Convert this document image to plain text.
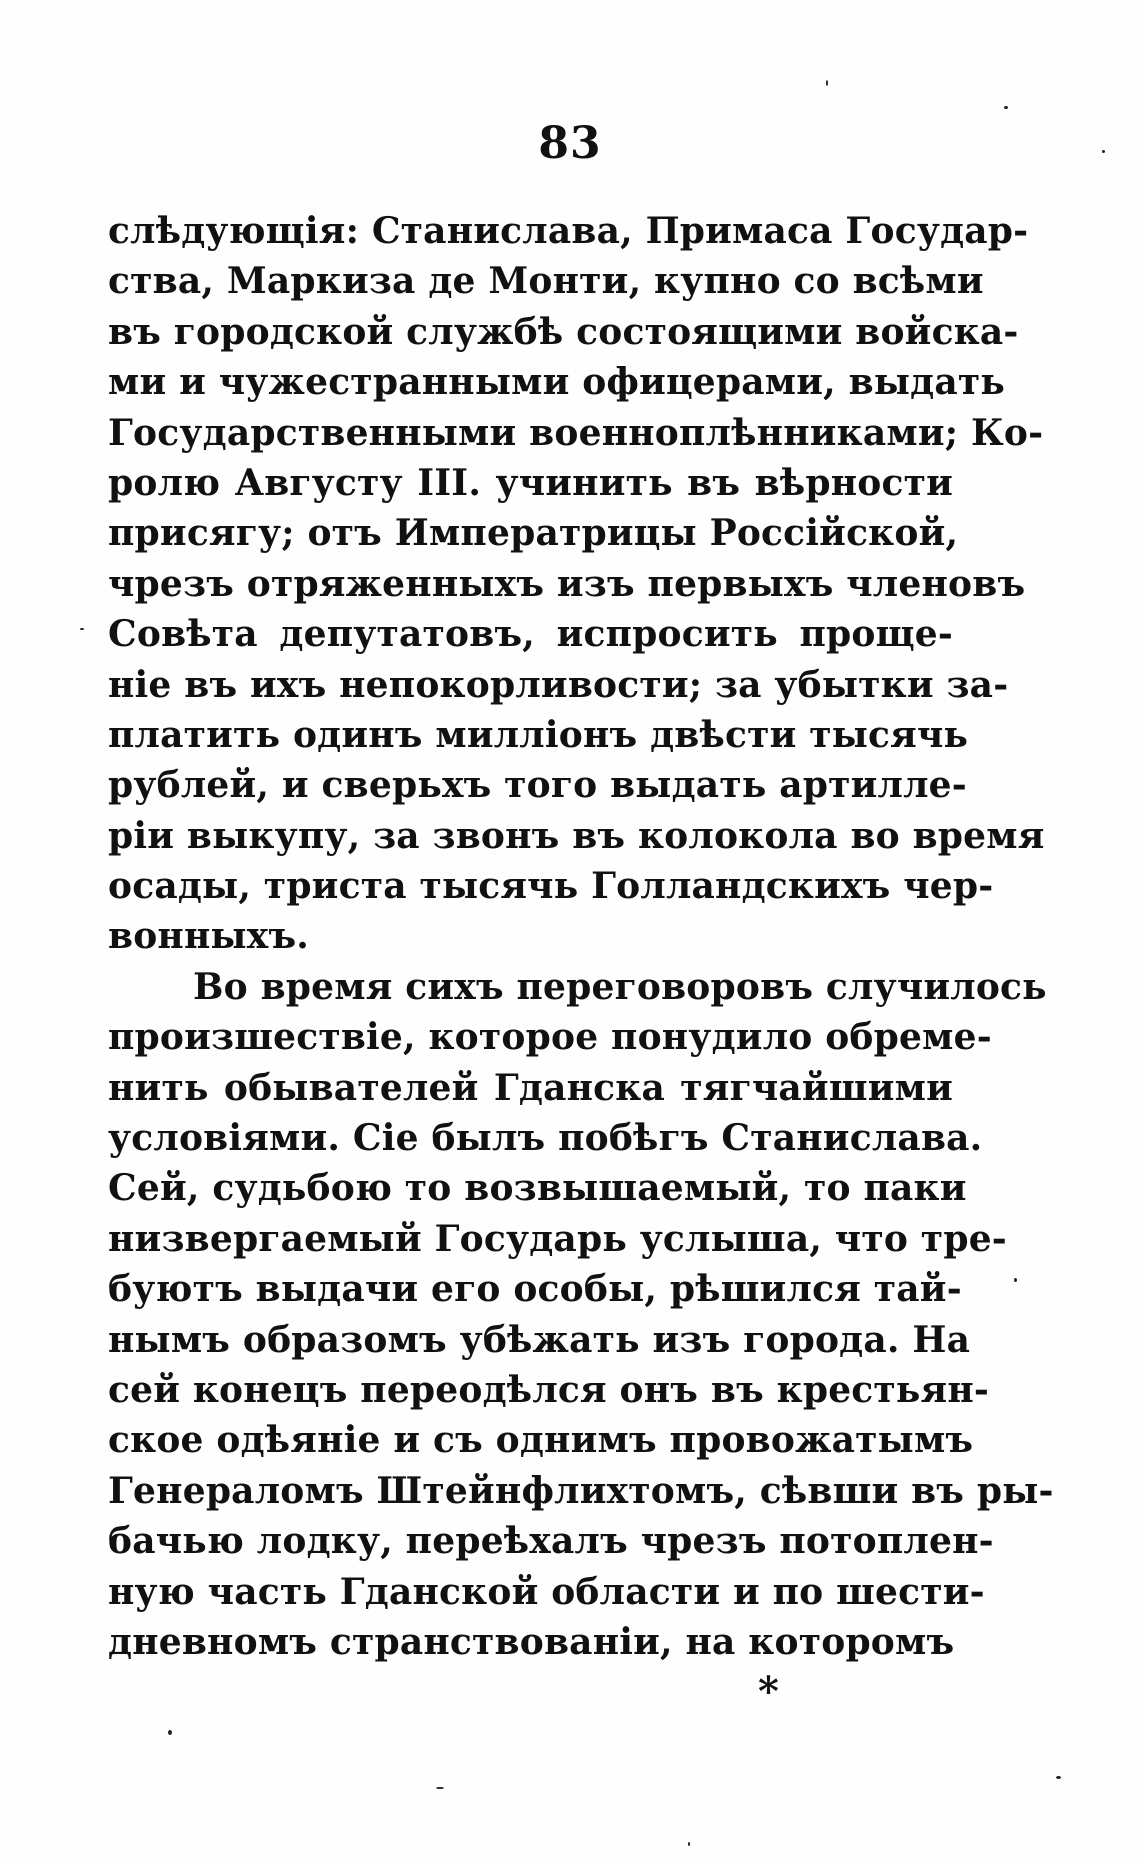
83
слѣдующія: Станислава, Примаса Государ-
ства, Маркиза де Монти, купно со всѣми
въ городской службѣ состоящими войска-
ми и чужестранными офицерами, выдать
Государственными военноплѣнниками; Ко-
ролю Августу III. учинить въ вѣрности
присягу; отъ Императрицы Россійской,
чрезъ отряженныхъ изъ первыхъ членовъ
Совѣта депутатовъ, испросить проще-
ніе въ ихъ непокорливости; за убытки за-
платить одинъ милліонъ двѣсти тысячь
рублей, и сверьхъ того выдать артилле-
ріи выкупу, за звонъ въ колокола во время
осады, триста тысячь Голландскихъ чер-
вонныхъ.
Во время сихъ переговоровъ случилось
произшествіе, которое понудило обреме-
нить обывателей Гданска тягчайшими
условіями. Сіе былъ побѣгъ Станислава.
Сей, судьбою то возвышаемый, то паки
низвергаемый Государь услыша, что тре-
буютъ выдачи его особы, рѣшился тай-
нымъ образомъ убѣжать изъ города. На
сей конецъ переодѣлся онъ въ крестьян-
ское одѣяніе и съ однимъ провожатымъ
Генераломъ Штейнфлихтомъ, сѣвши въ ры-
бачью лодку, переѣхалъ чрезъ потоплен-
ную часть Гданской области и по шести-
дневномъ странствованіи, на которомъ
*
